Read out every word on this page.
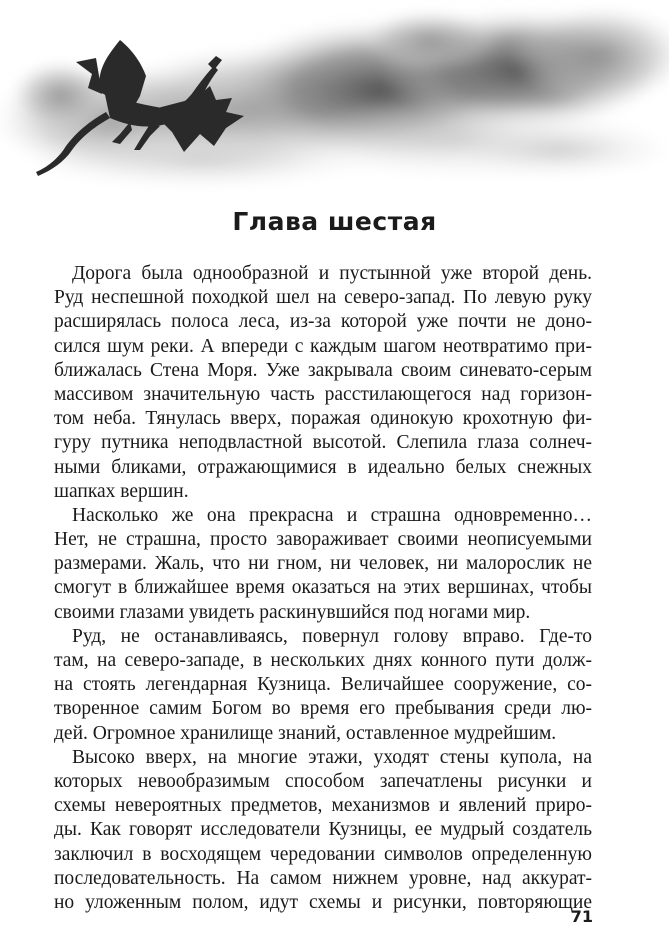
Глава шестая
Дорога была однообразной и пустынной уже второй день.
Руд неспешной походкой шел на северо-запад. По левую руку
расширялась полоса леса, из-за которой уже почти не доно-
сился шум реки. А впереди с каждым шагом неотвратимо при-
ближалась Стена Моря. Уже закрывала своим синевато-серым
массивом значительную часть расстилающегося над горизон-
том неба. Тянулась вверх, поражая одинокую крохотную фи-
гуру путника неподвластной высотой. Слепила глаза солнеч-
ными бликами, отражающимися в идеально белых снежных
шапках вершин.
Насколько же она прекрасна и страшна одновременно…
Нет, не страшна, просто завораживает своими неописуемыми
размерами. Жаль, что ни гном, ни человек, ни малорослик не
смогут в ближайшее время оказаться на этих вершинах, чтобы
своими глазами увидеть раскинувшийся под ногами мир.
Руд, не останавливаясь, повернул голову вправо. Где-то
там, на северо-западе, в нескольких днях конного пути долж-
на стоять легендарная Кузница. Величайшее сооружение, со-
творенное самим Богом во время его пребывания среди лю-
дей. Огромное хранилище знаний, оставленное мудрейшим.
Высоко вверх, на многие этажи, уходят стены купола, на
которых невообразимым способом запечатлены рисунки и
схемы невероятных предметов, механизмов и явлений приро-
ды. Как говорят исследователи Кузницы, ее мудрый создатель
заключил в восходящем чередовании символов определенную
последовательность. На самом нижнем уровне, над аккурат-
но уложенным полом, идут схемы и рисунки, повторяющие
71
